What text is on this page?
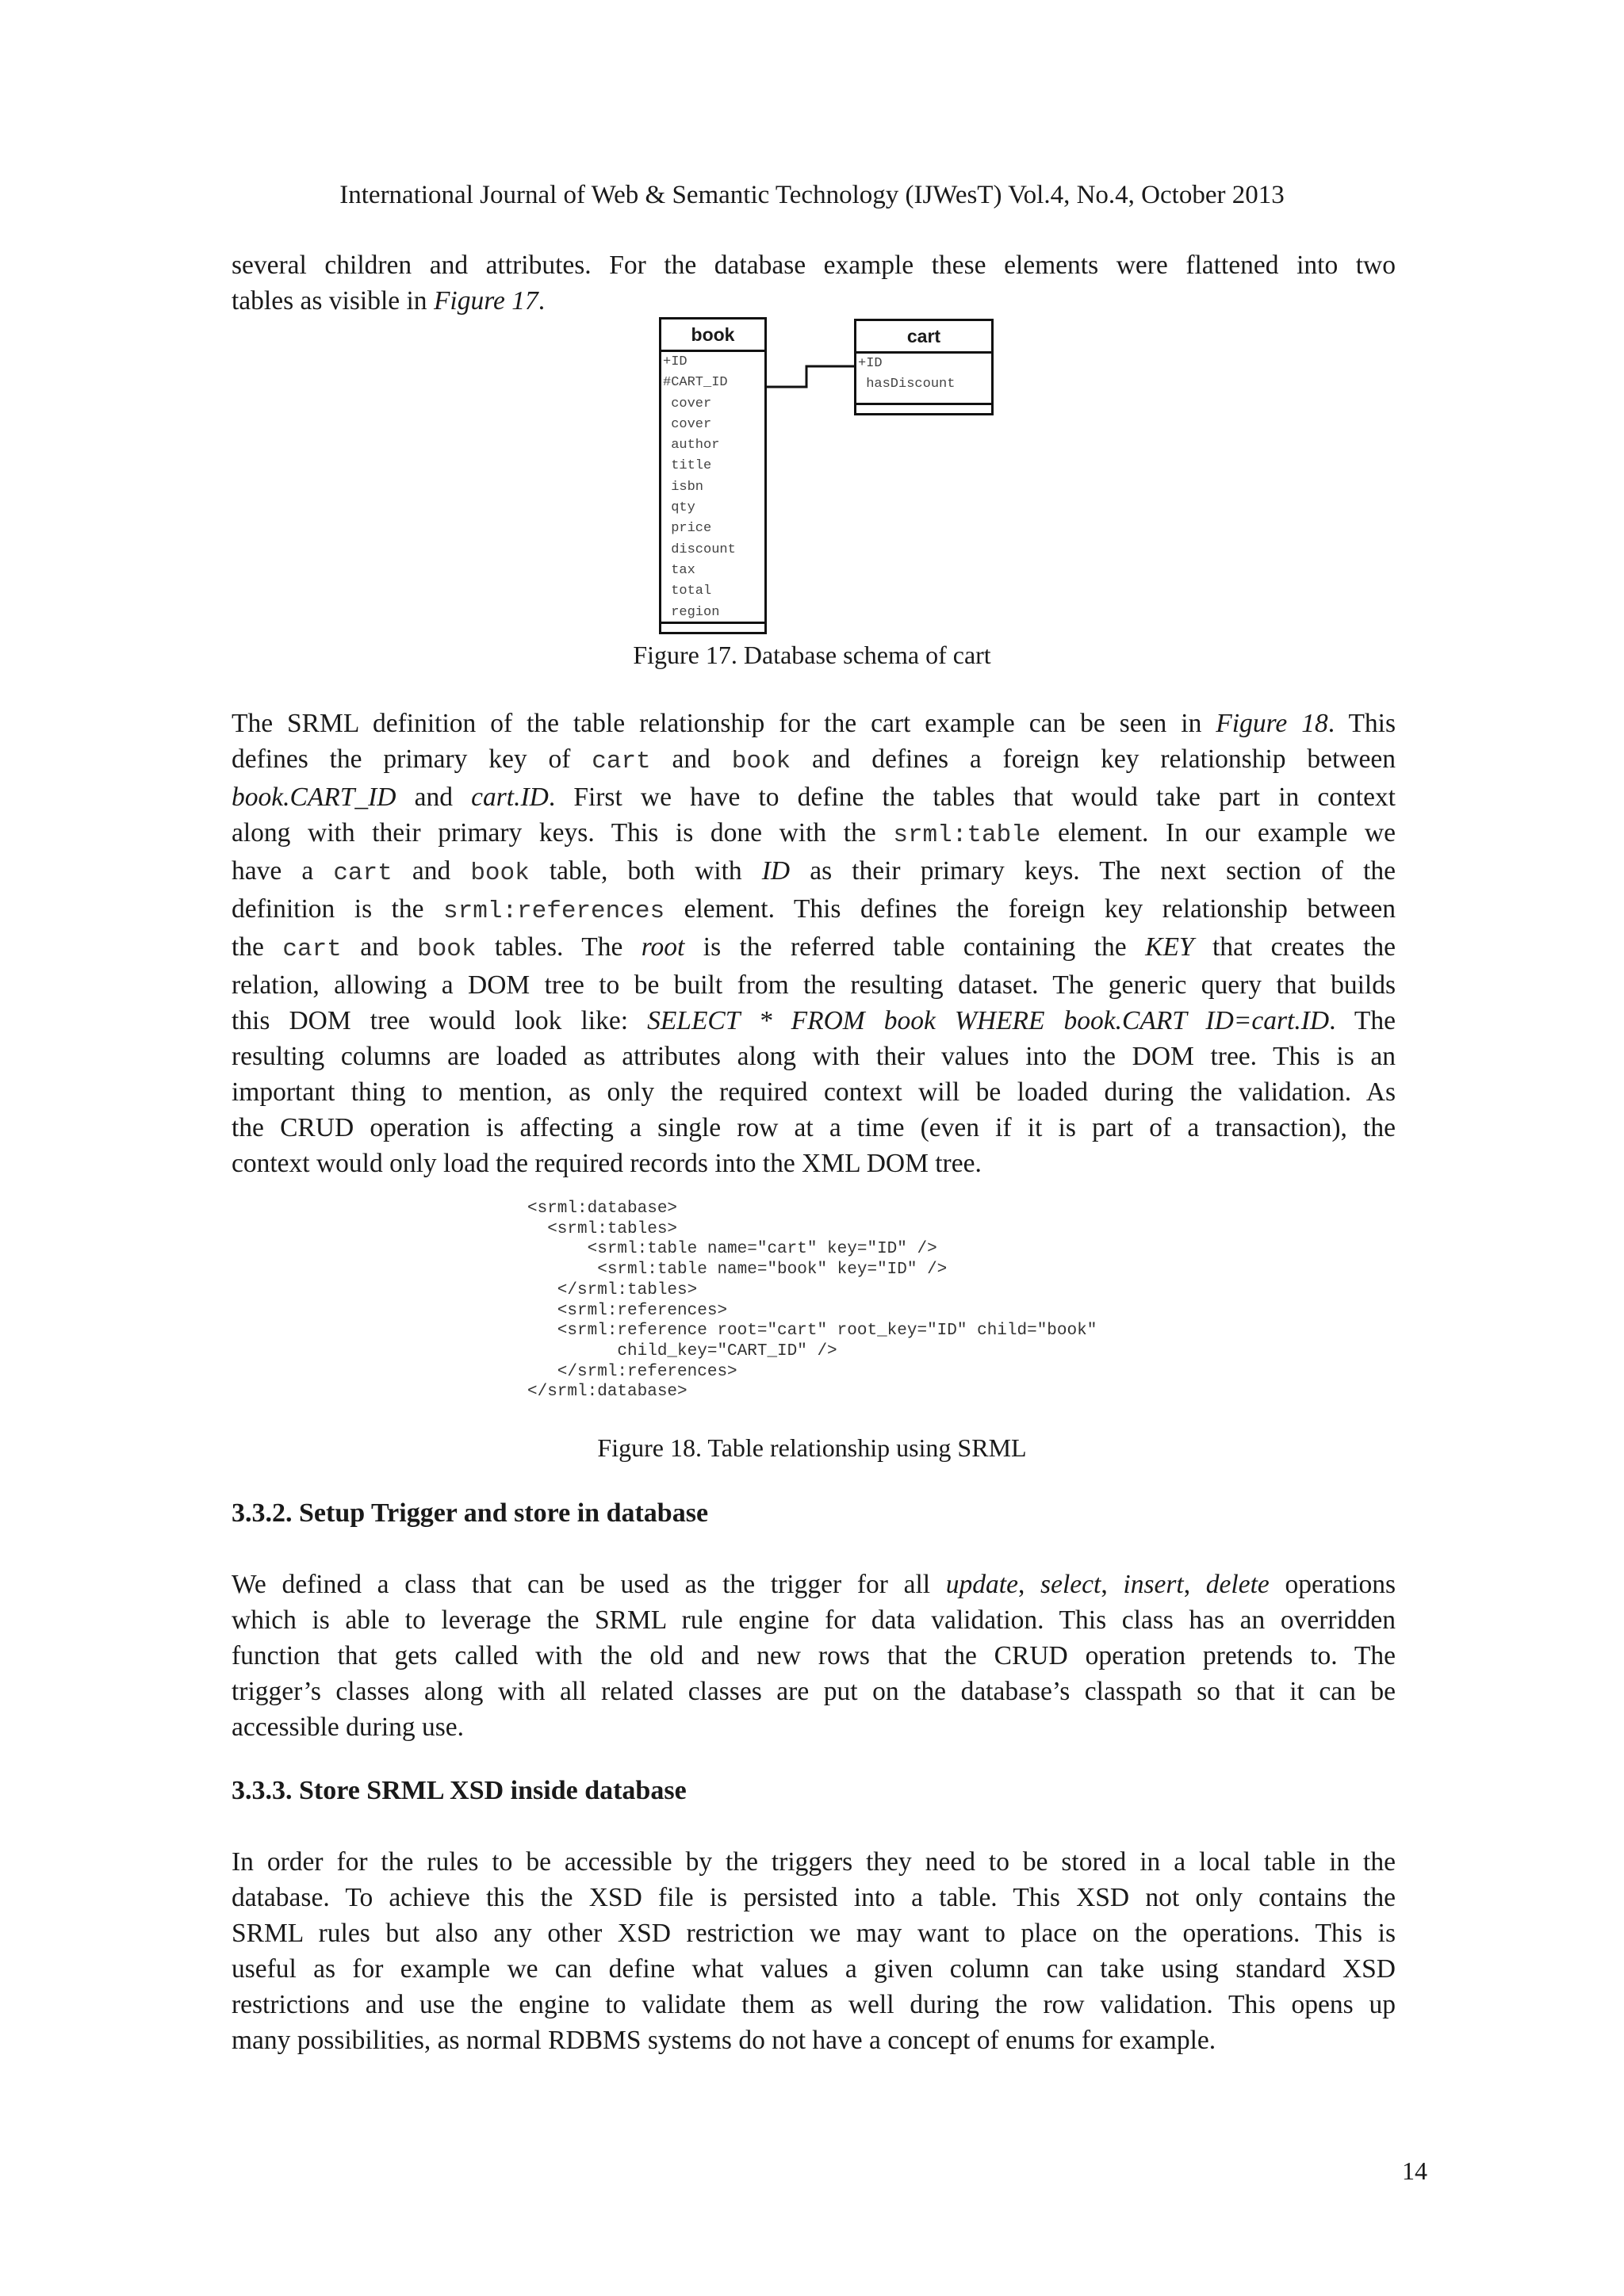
International Journal of Web & Semantic Technology (IJWesT) Vol.4, No.4, October 2013

several children and attributes. For the database example these elements were flattened into two
tables as visible in Figure 17.

book
+ID
#CART_ID
cover
cover
author
title
isbn
qty
price
discount
tax
total
region
cart
+ID
hasDiscount
Figure 17. Database schema of cart

The SRML definition of the table relationship for the cart example can be seen in Figure 18. This
defines the primary key of cart and book and defines a foreign key relationship between
book.CART_ID and cart.ID. First we have to define the tables that would take part in context
along with their primary keys. This is done with the srml:table element. In our example we
have a cart and book table, both with ID as their primary keys. The next section of the
definition is the srml:references element. This defines the foreign key relationship between
the cart and book tables. The root is the referred table containing the KEY that creates the
relation, allowing a DOM tree to be built from the resulting dataset. The generic query that builds
this DOM tree would look like: SELECT * FROM book WHERE book.CART ID=cart.ID. The
resulting columns are loaded as attributes along with their values into the DOM tree. This is an
important thing to mention, as only the required context will be loaded during the validation. As
the CRUD operation is affecting a single row at a time (even if it is part of a transaction), the
context would only load the required records into the XML DOM tree.

<srml:database>
<srml:tables>
<srml:table name="cart" key="ID" />
<srml:table name="book" key="ID" />
</srml:tables>
<srml:references>
<srml:reference root="cart" root_key="ID" child="book"
child_key="CART_ID" />
</srml:references>
</srml:database>
Figure 18. Table relationship using SRML
3.3.2. Setup Trigger and store in database

We defined a class that can be used as the trigger for all update, select, insert, delete operations
which is able to leverage the SRML rule engine for data validation. This class has an overridden
function that gets called with the old and new rows that the CRUD operation pretends to. The
trigger’s classes along with all related classes are put on the database’s classpath so that it can be
accessible during use.

3.3.3. Store SRML XSD inside database

In order for the rules to be accessible by the triggers they need to be stored in a local table in the
database. To achieve this the XSD file is persisted into a table. This XSD not only contains the
SRML rules but also any other XSD restriction we may want to place on the operations. This is
useful as for example we can define what values a given column can take using standard XSD
restrictions and use the engine to validate them as well during the row validation. This opens up
many possibilities, as normal RDBMS systems do not have a concept of enums for example.

14
